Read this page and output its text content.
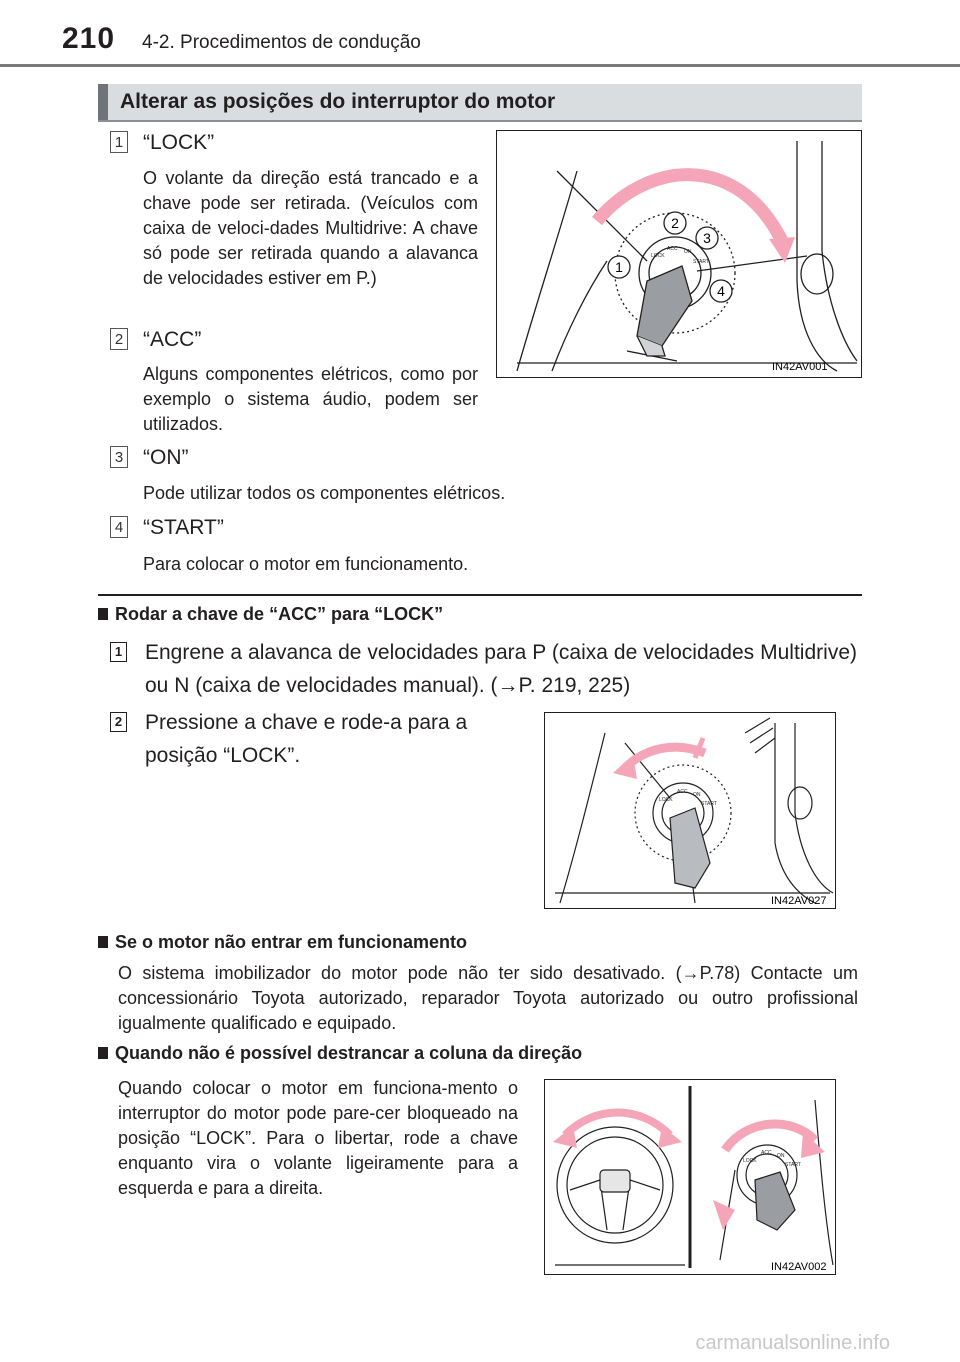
210 4-2. Procedimentos de condução
Alterar as posições do interruptor do motor
1 “LOCK”
O volante da direção está trancado e a chave pode ser retirada. (Veículos com caixa de veloci-dades Multidrive: A chave só pode ser retirada quando a alavanca de velocidades estiver em P.)
2 “ACC”
Alguns componentes elétricos, como por exemplo o sistema áudio, podem ser utilizados.
3 “ON”
Pode utilizar todos os componentes elétricos.
4 “START”
Para colocar o motor em funcionamento.
1
2
3
4
LOCK
ACC ON
START
IN42AV001
Rodar a chave de “ACC” para “LOCK”
1 Engrene a alavanca de velocidades para P (caixa de velocidades Multidrive) ou N (caixa de velocidades manual). (→P. 219, 225)
2 Pressione a chave e rode-a para a posição “LOCK”.
LOCK
ACC ON
START
IN42AV027
Se o motor não entrar em funcionamento
O sistema imobilizador do motor pode não ter sido desativado. (→P.78) Contacte um concessionário Toyota autorizado, reparador Toyota autorizado ou outro profissional igualmente qualificado e equipado.
Quando não é possível destrancar a coluna da direção
Quando colocar o motor em funciona-mento o interruptor do motor pode pare-cer bloqueado na posição “LOCK”. Para o libertar, rode a chave enquanto vira o volante ligeiramente para a esquerda e para a direita.
LOCK
ACC ON
START
IN42AV002
carmanualsonline.info
